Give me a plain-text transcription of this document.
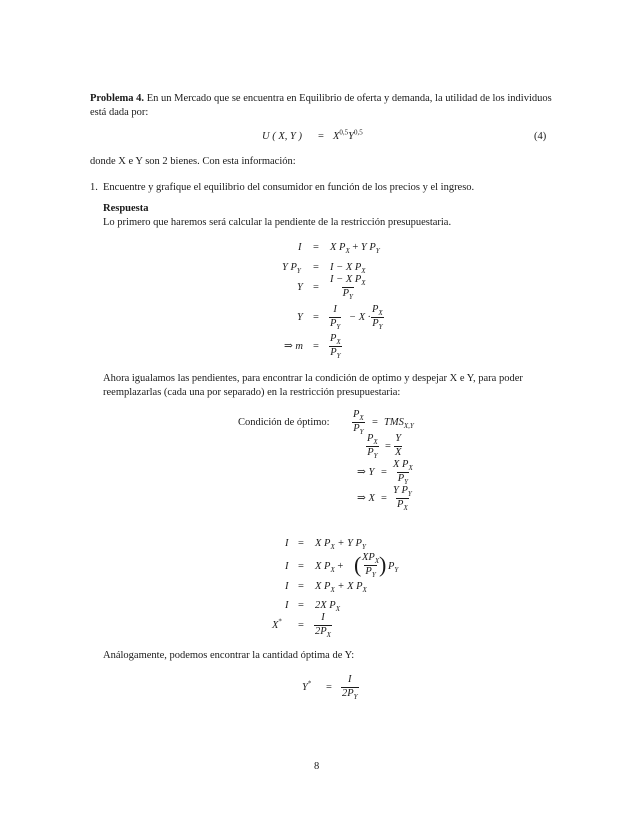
Problema 4. En un Mercado que se encuentra en Equilibrio de oferta y demanda, la utilidad de los individuos
está dada por:
U ( X, Y ) = $X^{0,5}Y^{0,5}$	(4)
donde X e Y son 2 bienes. Con esta información:
1. Encuentre y grafique el equilibrio del consumidor en función de los precios y el ingreso.
Respuesta
Lo primero que haremos será calcular la pendiente de la restricción presupuestaria.
I = X $P_X + Y$ $P_Y$
Y $P_Y = I - X$ $P_X$
$Y = \frac{I - X P_X}{P_Y}$
$Y = \frac{I}{P_Y} - X \cdot \frac{P_X}{P_Y}$
⇒ $m = \frac{P_X}{P_Y}$
Ahora igualamos las pendientes, para encontrar la condición de optimo y despejar X e Y, para poder
reemplazarlas (cada una por separado) en la restricción presupuestaria:
Condición de óptimo: $\frac{P_X}{P_Y} = TMS_{X,Y}$
$\frac{P_X}{P_Y} = \frac{Y}{X}$
⇒ $Y = \frac{X P_X}{P_Y}$
⇒ $X = \frac{Y P_Y}{P_X}$
I = X $P_X + Y$ $P_Y$
I = X $P_X$ + ( $XP_X$
$P_Y$ ) $P_Y$
I = X $P_X + X$ $P_X$
I = 2X $P_X$
$X^* = \frac{I}{2P_X}$
Análogamente, podemos encontrar la cantidad óptima de Y:
$Y^* = \frac{I}{2P_Y}$
8
